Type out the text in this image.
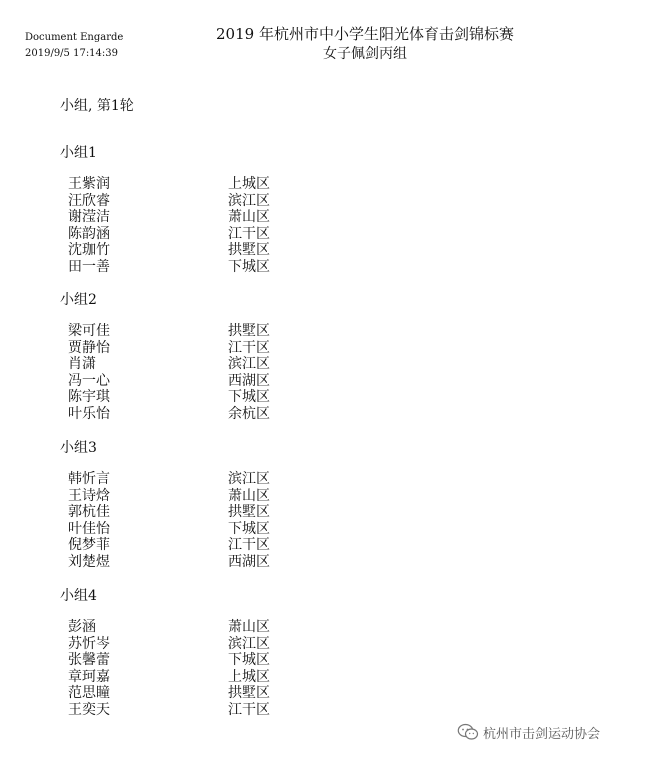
Document Engarde
2019/9/5 17:14:39
2019 年杭州市中小学生阳光体育击剑锦标赛
女子佩剑丙组
小组, 第1轮
小组1
王紫润	上城区
汪欣睿	滨江区
谢滢洁	萧山区
陈韵涵	江干区
沈珈竹	拱墅区
田一善	下城区
小组2
梁可佳	拱墅区
贾静怡	江干区
肖潇	滨江区
冯一心	西湖区
陈宇琪	下城区
叶乐怡	余杭区
小组3
韩忻言	滨江区
王诗焓	萧山区
郭杭佳	拱墅区
叶佳怡	下城区
倪梦菲	江干区
刘楚煜	西湖区
小组4
彭涵	萧山区
苏忻岑	滨江区
张馨蕾	下城区
章珂嘉	上城区
范思瞳	拱墅区
王奕天	江干区
杭州市击剑运动协会
